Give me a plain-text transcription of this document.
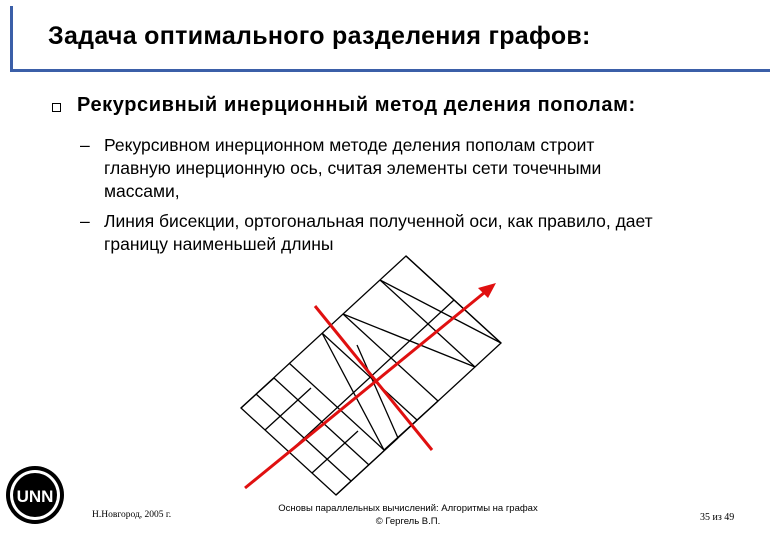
Задача оптимального разделения графов:
Рекурсивный инерционный метод деления пополам:
– Рекурсивном инерционном методе деления пополам строит
главную инерционную ось, считая элементы сети точечными
массами,
– Линия бисекции, ортогональная полученной оси, как правило, дает
границу наименьшей длины
UNN
Н.Новгород, 2005 г.
Основы параллельных вычислений: Алгоритмы на графах
© Гергель В.П.	35 из 49
